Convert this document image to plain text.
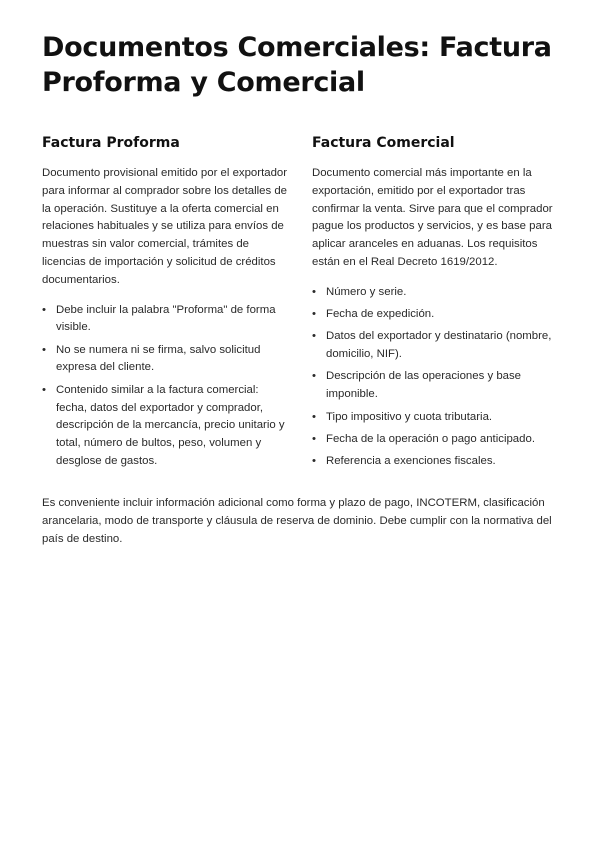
Documentos Comerciales: Factura Proforma y Comercial
Factura Proforma

Documento provisional emitido por el exportador para informar al comprador sobre los detalles de la operación. Sustituye a la oferta comercial en relaciones habituales y se utiliza para envíos de muestras sin valor comercial, trámites de licencias de importación y solicitud de créditos documentarios.

• Debe incluir la palabra "Proforma" de forma visible.
• No se numera ni se firma, salvo solicitud expresa del cliente.
• Contenido similar a la factura comercial: fecha, datos del exportador y comprador, descripción de la mercancía, precio unitario y total, número de bultos, peso, volumen y desglose de gastos.
Factura Comercial

Documento comercial más importante en la exportación, emitido por el exportador tras confirmar la venta. Sirve para que el comprador pague los productos y servicios, y es base para aplicar aranceles en aduanas. Los requisitos están en el Real Decreto 1619/2012.

• Número y serie.
• Fecha de expedición.
• Datos del exportador y destinatario (nombre, domicilio, NIF).
• Descripción de las operaciones y base imponible.
• Tipo impositivo y cuota tributaria.
• Fecha de la operación o pago anticipado.
• Referencia a exenciones fiscales.

Es conveniente incluir información adicional como forma y plazo de pago, INCOTERM, clasificación arancelaria, modo de transporte y cláusula de reserva de dominio. Debe cumplir con la normativa del país de destino.
